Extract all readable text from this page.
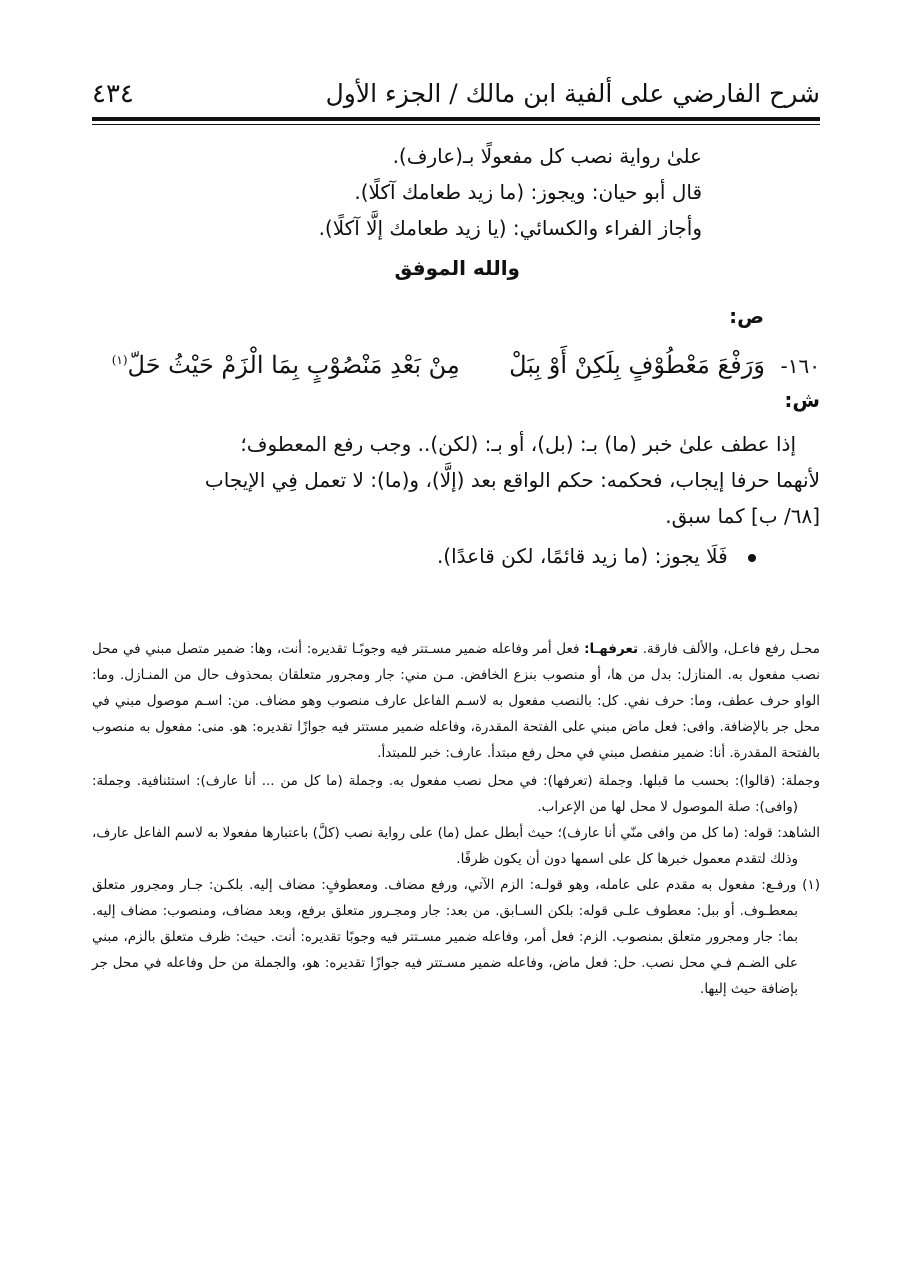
شرح الفارضي على ألفية ابن مالك / الجزء الأول
٤٣٤

علىٰ رواية نصب كل مفعولًا بـ(عارف).

قال أبو حيان: ويجوز: (ما زيد طعامك آكلًا).

وأجاز الفراء والكسائي: (يا زيد طعامك إلَّا آكلًا).

والله الموفق

ص:

١٦٠- وَرَفْعَ مَعْطُوْفٍ بِلَكِنْ أَوْ بِبَلْ  مِنْ بَعْدِ مَنْصُوْبٍ بِمَا الْزَمْ حَيْثُ حَلّ$^{(١)}$

ش:

إذا عطف علىٰ خبر (ما) بـ: (بل)، أو بـ: (لكن).. وجب رفع المعطوف؛

لأنهما حرفا إيجاب، فحكمه: حكم الواقع بعد (إلَّا)، و(ما): لا تعمل فِي الإيجاب

[٦٨/ ب] كما سبق.

فَلَا يجوز: (ما زيد قائمًا، لكن قاعدًا).

محـل رفع فاعـل، والألف فارقة. تعرفهـا: فعل أمر وفاعله ضمير مسـتتر فيه وجوبًـا تقديره: أنت، وها: ضمير متصل مبني في محل نصب مفعول به. المنازل: بدل من ها، أو منصوب بنزع الخافض. مـن مني: جار ومجرور متعلقان بمحذوف حال من المنـازل. وما: الواو حرف عطف، وما: حرف نفي. كل: بالنصب مفعول به لاسـم الفاعل عارف منصوب وهو مضاف. من: اسـم موصول مبني في محل جر بالإضافة. وافى: فعل ماض مبني على الفتحة المقدرة، وفاعله ضمير مستتر فيه جوازًا تقديره: هو. منى: مفعول به منصوب بالفتحة المقدرة. أنا: ضمير منفصل مبني في محل رفع مبتدأ. عارف: خبر للمبتدأ.

وجملة: (قالوا): بحسب ما قبلها. وجملة (تعرفها): في محل نصب مفعول به. وجملة (ما كل من ... أنا عارف): استئنافية. وجملة: (وافى): صلة الموصول لا محل لها من الإعراب.

الشاهد: قوله: (ما كل من وافى منّي أنا عارف)؛ حيث أبطل عمل (ما) على رواية نصب (كلَّ) باعتبارها مفعولا به لاسم الفاعل عارف، وذلك لتقدم معمول خبرها كل على اسمها دون أن يكون ظرفًا.

(١) ورفـع: مفعول به مقدم على عامله، وهو قولـه: الزم الآتي، ورفع مضاف. ومعطوفٍ: مضاف إليه. بلكـن: جـار ومجرور متعلق بمعطـوف. أو ببل: معطوف علـى قوله: بلكن السـابق. من بعد: جار ومجـرور متعلق برفع، وبعد مضاف، ومنصوب: مضاف إليه. بما: جار ومجرور متعلق بمنصوب. الزم: فعل أمر، وفاعله ضمير مسـتتر فيه وجوبًا تقديره: أنت. حيث: ظرف متعلق بالزم، مبني على الضـم فـي محل نصب. حل: فعل ماض، وفاعله ضمير مسـتتر فيه جوازًا تقديره: هو، والجملة من حل وفاعله في محل جر بإضافة حيث إليها.
